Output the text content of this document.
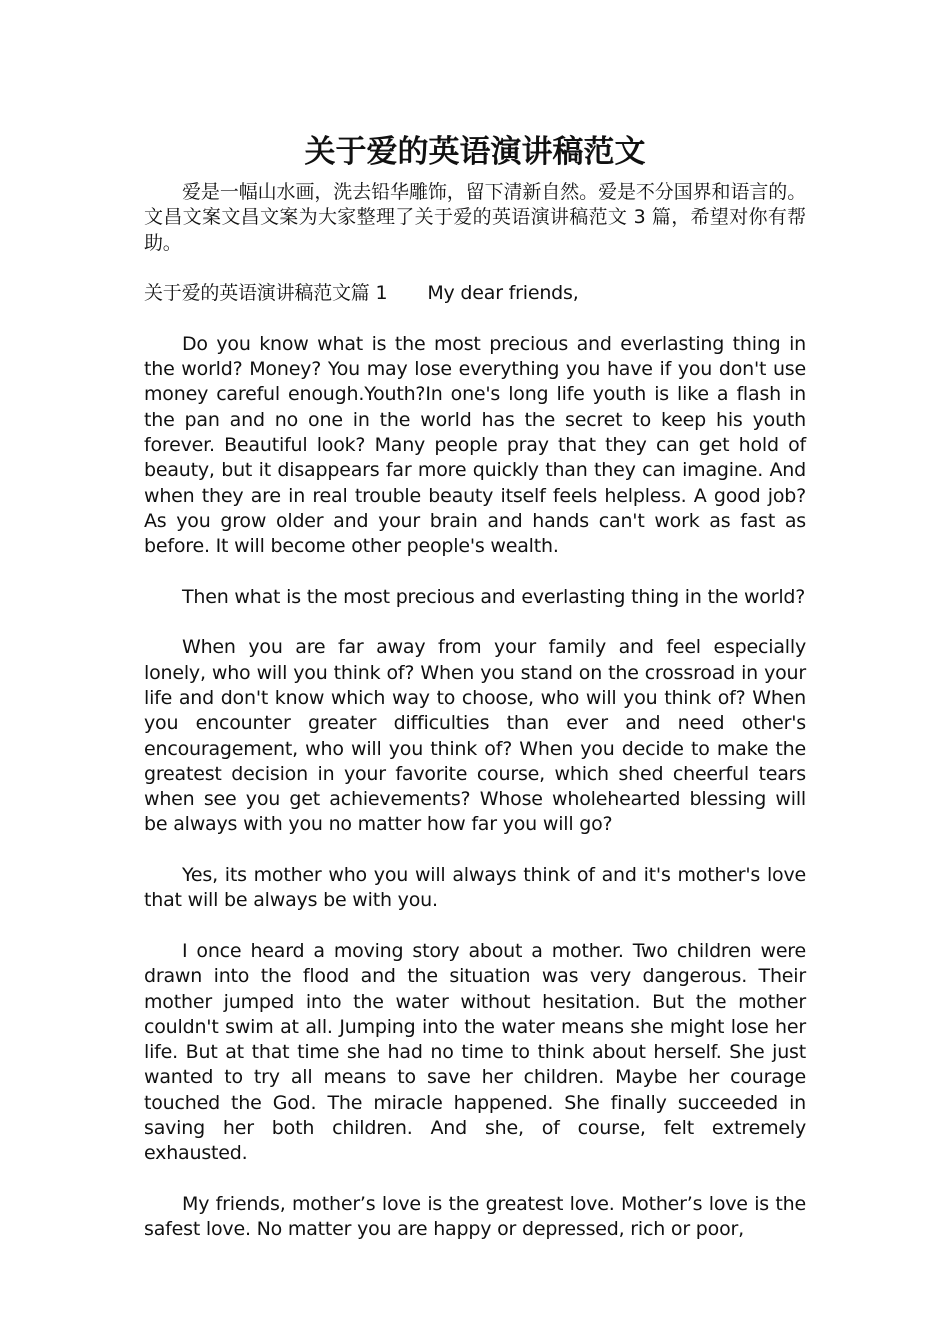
关于爱的英语演讲稿范文

爱是一幅山水画，洗去铅华雕饰，留下清新自然。爱是不分国界和语言的。文昌文案文昌文案为大家整理了关于爱的英语演讲稿范文 3 篇，希望对你有帮助。

关于爱的英语演讲稿范文篇 1 My dear friends,

Do you know what is the most precious and everlasting thing in the world? Money? You may lose everything you have if you don't use money careful enough.Youth?In one's long life youth is like a flash in the pan and no one in the world has the secret to keep his youth forever. Beautiful look? Many people pray that they can get hold of beauty, but it disappears far more quickly than they can imagine. And when they are in real trouble beauty itself feels helpless. A good job? As you grow older and your brain and hands can't work as fast as before. It will become other people's wealth.

Then what is the most precious and everlasting thing in the world?

When you are far away from your family and feel especially lonely, who will you think of? When you stand on the crossroad in your life and don't know which way to choose, who will you think of? When you encounter greater difficulties than ever and need other's encouragement, who will you think of? When you decide to make the greatest decision in your favorite course, which shed cheerful tears when see you get achievements? Whose wholehearted blessing will be always with you no matter how far you will go?

Yes, its mother who you will always think of and it's mother's love that will be always be with you.

I once heard a moving story about a mother. Two children were drawn into the flood and the situation was very dangerous. Their mother jumped into the water without hesitation. But the mother couldn't swim at all. Jumping into the water means she might lose her life. But at that time she had no time to think about herself. She just wanted to try all means to save her children. Maybe her courage touched the God. The miracle happened. She finally succeeded in saving her both children. And she, of course, felt extremely exhausted.

My friends, mother’s love is the greatest love. Mother’s love is the safest love. No matter you are happy or depressed, rich or poor,
